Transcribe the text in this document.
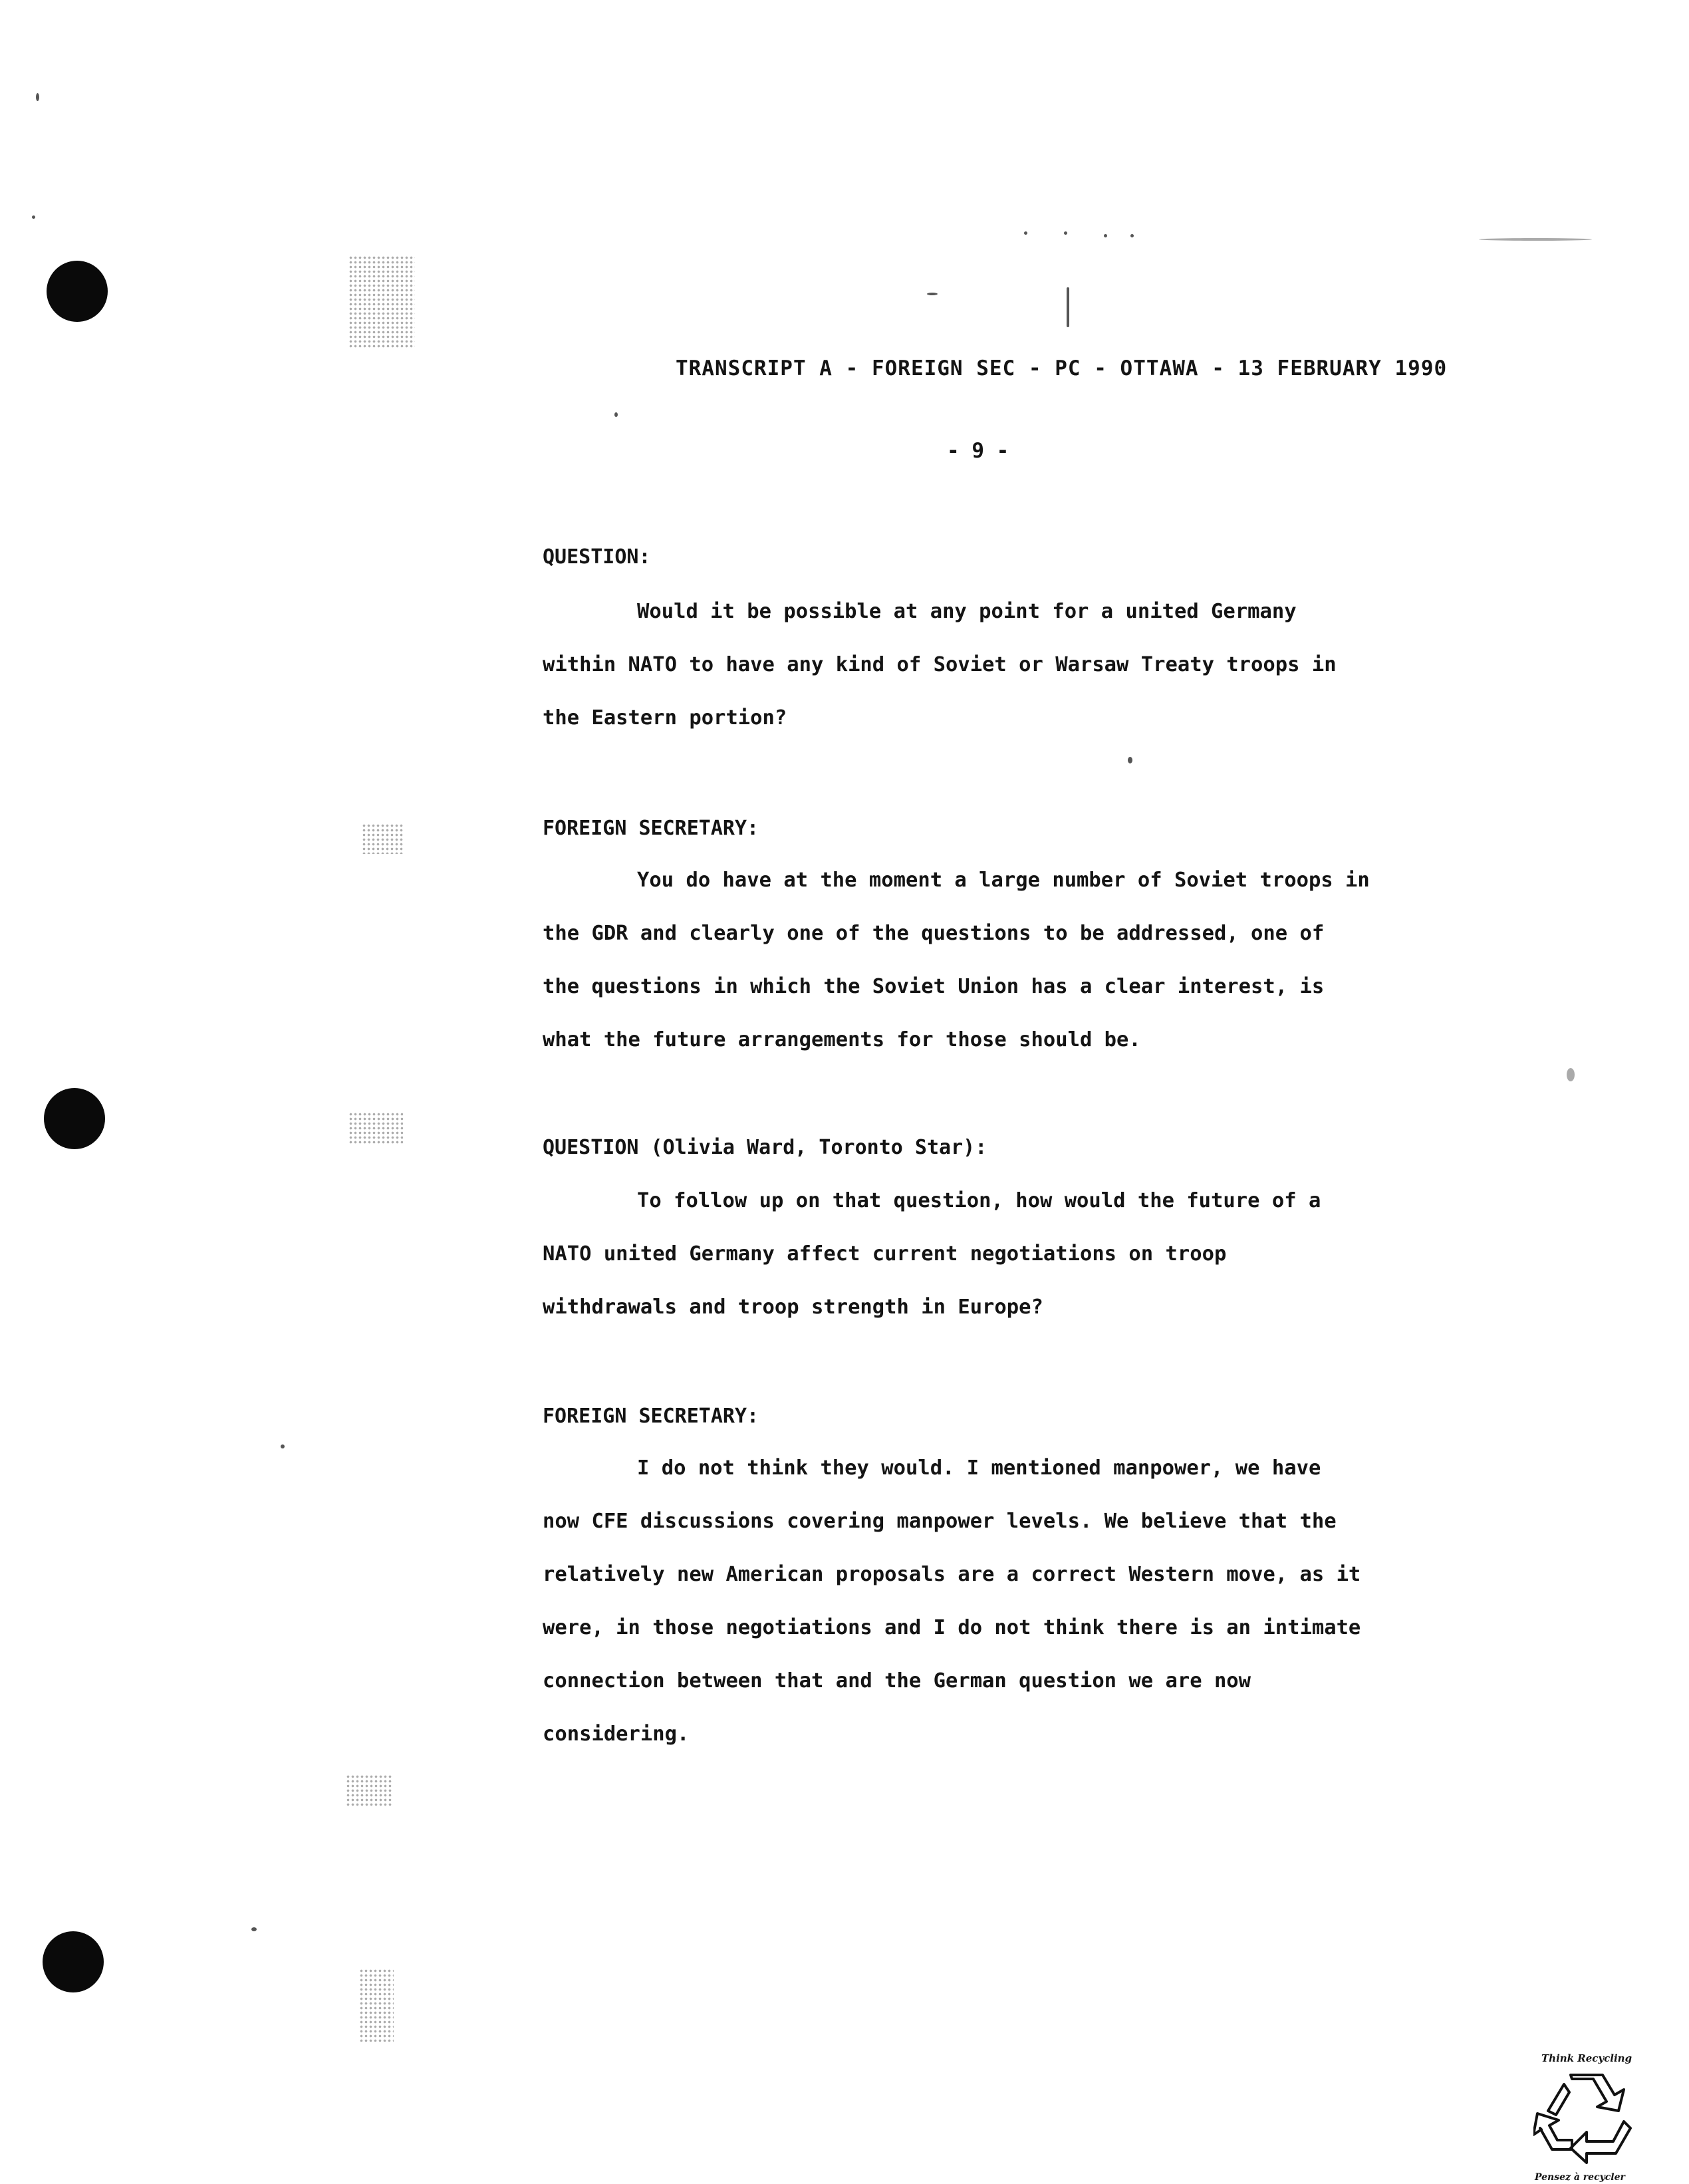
TRANSCRIPT A - FOREIGN SEC - PC - OTTAWA - 13 FEBRUARY 1990
- 9 -
QUESTION:
Would it be possible at any point for a united Germany
within NATO to have any kind of Soviet or Warsaw Treaty troops in
the Eastern portion?
FOREIGN SECRETARY:
You do have at the moment a large number of Soviet troops in
the GDR and clearly one of the questions to be addressed, one of
the questions in which the Soviet Union has a clear interest, is
what the future arrangements for those should be.
QUESTION (Olivia Ward, Toronto Star):
To follow up on that question, how would the future of a
NATO united Germany affect current negotiations on troop
withdrawals and troop strength in Europe?
FOREIGN SECRETARY:
I do not think they would. I mentioned manpower, we have
now CFE discussions covering manpower levels. We believe that the
relatively new American proposals are a correct Western move, as it
were, in those negotiations and I do not think there is an intimate
connection between that and the German question we are now
considering.
Think Recycling
Pensez à recycler
